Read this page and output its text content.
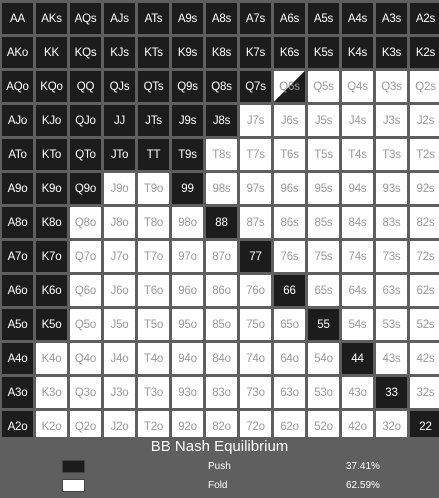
AA AKs AQs AJs ATs A9s A8s A7s A6s A5s A4s A3s A2s
AKo KK KQs KJs KTs K9s K8s K7s K6s K5s K4s K3s K2s
AQo KQo QQ QJs QTs Q9s Q8s Q7s Q6s Q5s Q4s Q3s Q2s
AJo KJo QJo JJ JTs J9s J8s J7s J6s J5s J4s J3s J2s
ATo KTo QTo JTo TT T9s T8s T7s T6s T5s T4s T3s T2s
A9o K9o Q9o J9o T9o 99 98s 97s 96s 95s 94s 93s 92s
A8o K8o Q8o J8o T8o 98o 88 87s 86s 85s 84s 83s 82s
A7o K7o Q7o J7o T7o 97o 87o 77 76s 75s 74s 73s 72s
A6o K6o Q6o J6o T6o 96o 86o 76o 66 65s 64s 63s 62s
A5o K5o Q5o J5o T5o 95o 85o 75o 65o 55 54s 53s 52s
A4o K4o Q4o J4o T4o 94o 84o 74o 64o 54o 44 43s 42s
A3o K3o Q3o J3o T3o 93o 83o 73o 63o 53o 43o 33 32s
A2o K2o Q2o J2o T2o 92o 82o 72o 62o 52o 42o 32o 22
BB Nash Equilibrium
Push	37.41%
Fold	62.59%
